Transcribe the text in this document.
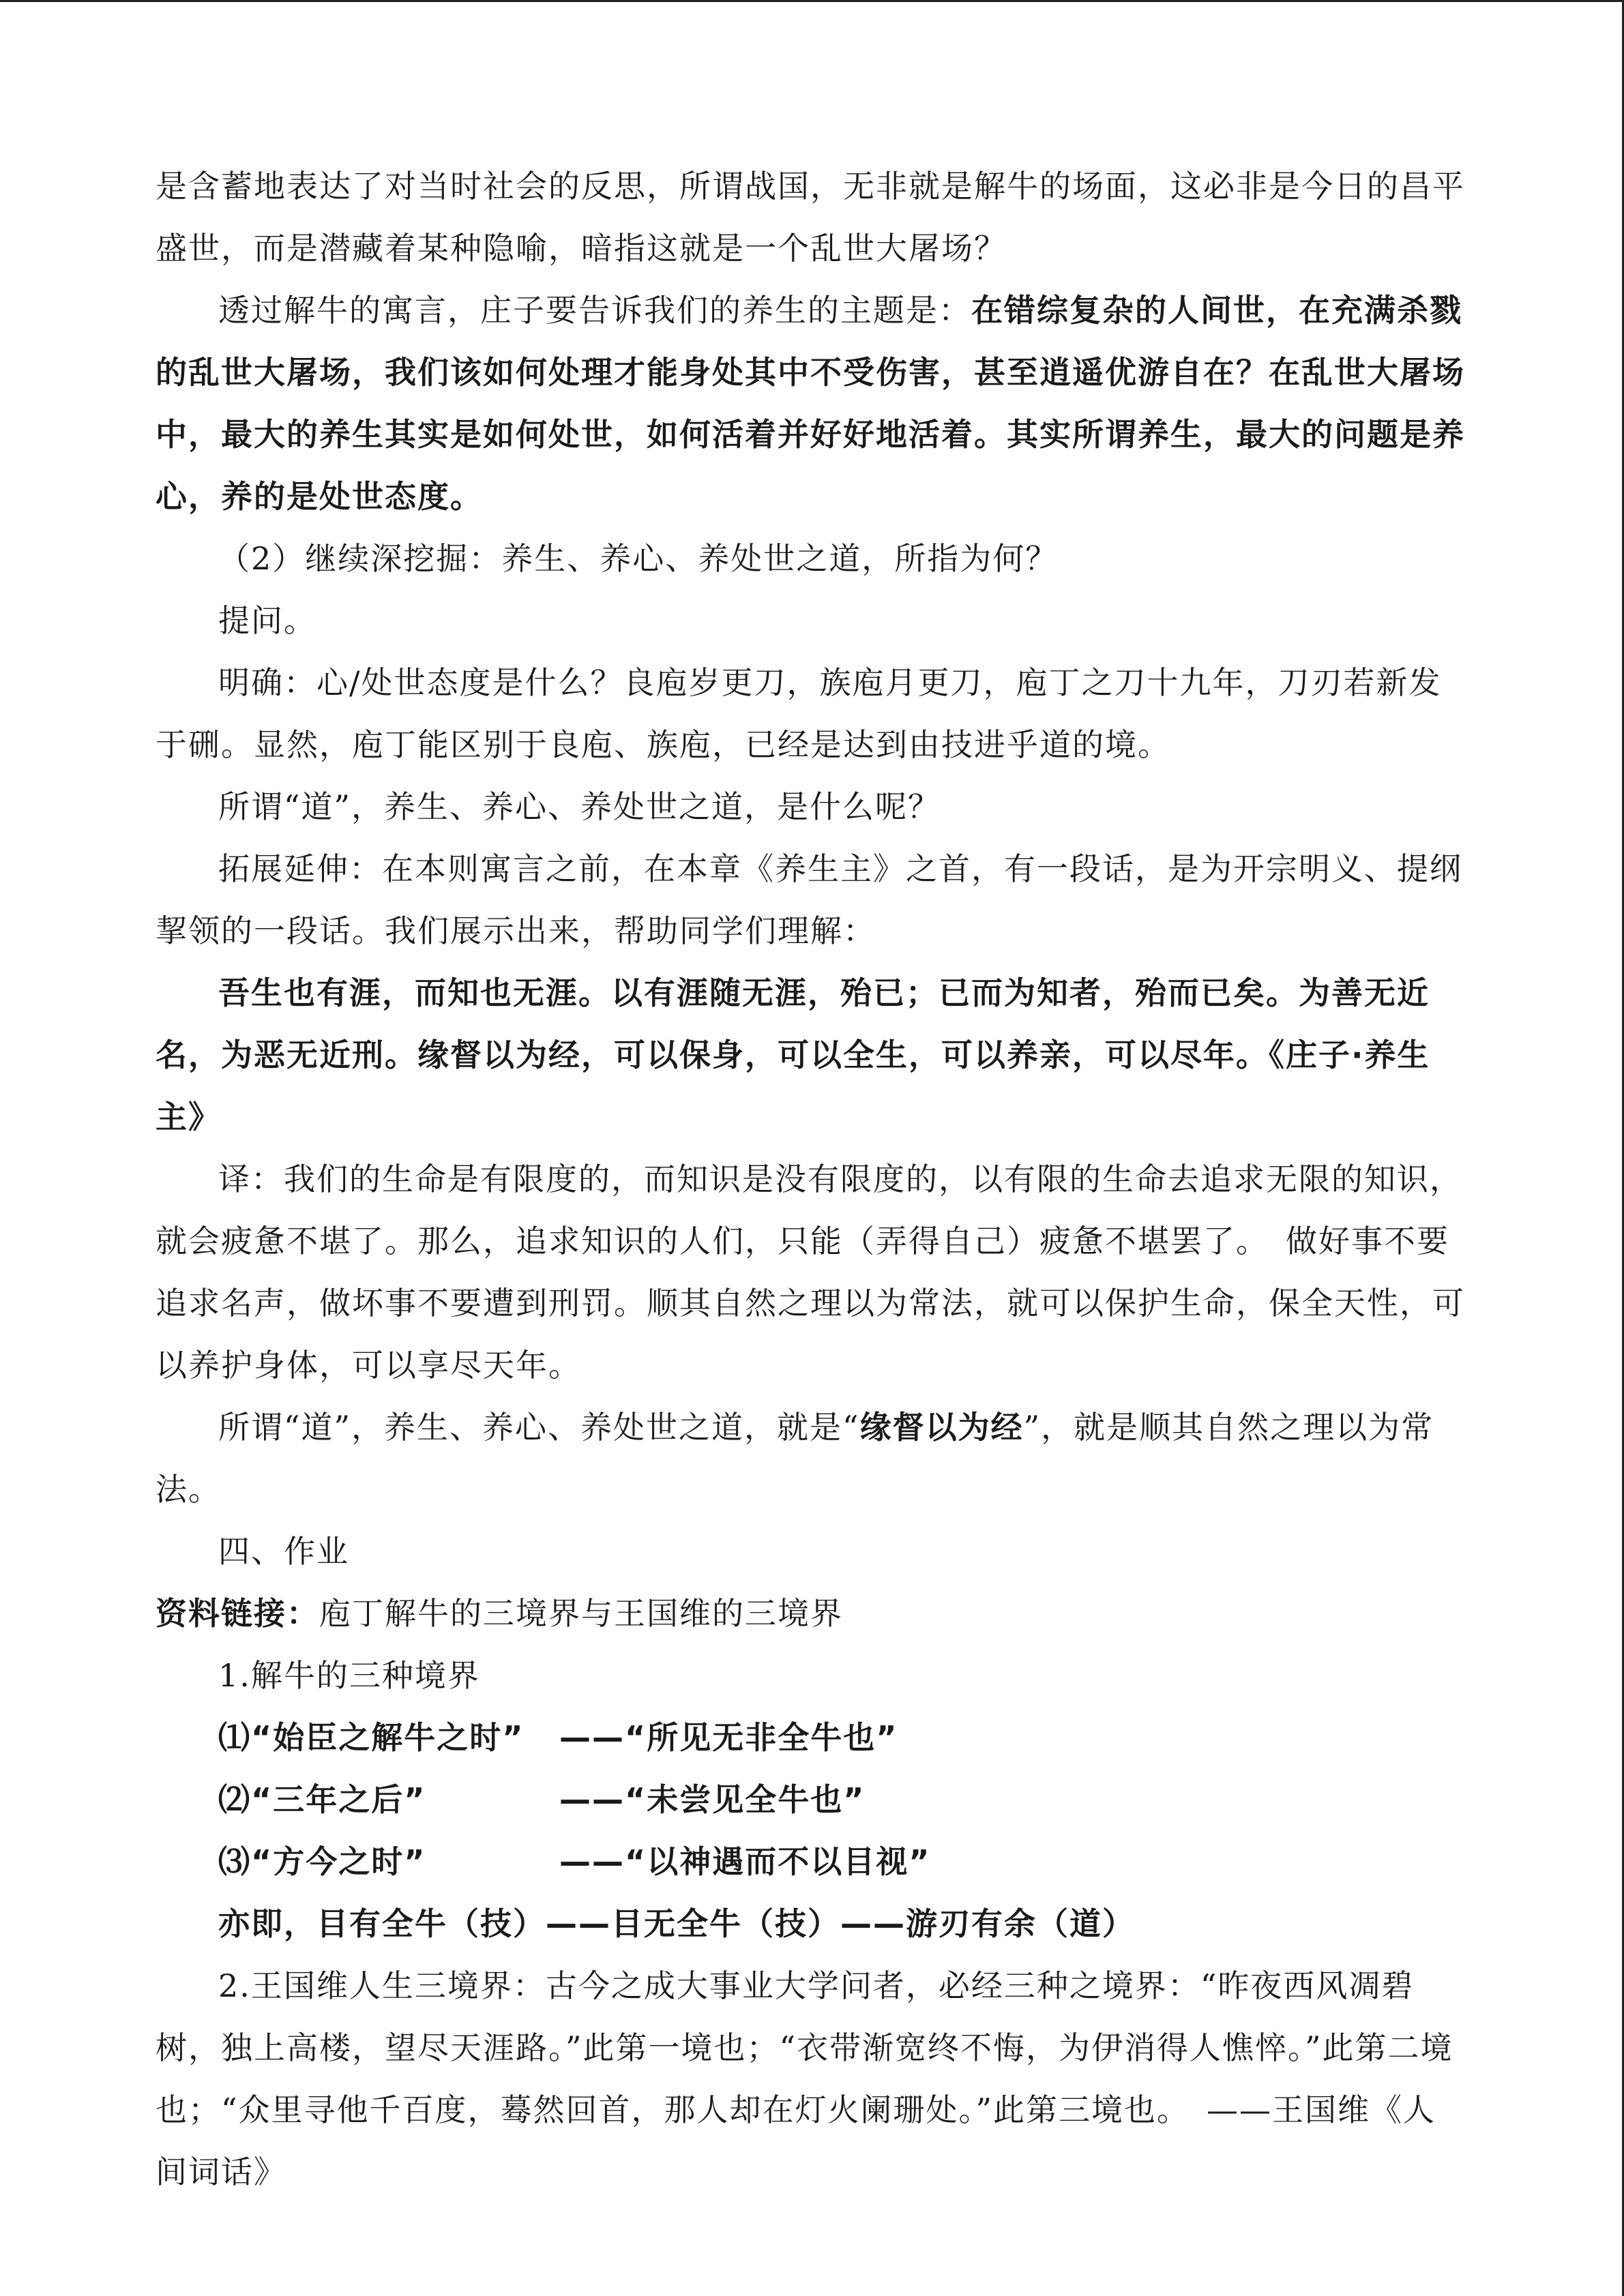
是含蓄地表达了对当时社会的反思，所谓战国，无非就是解牛的场面，这必非是今日的昌平盛世，而是潜藏着某种隐喻，暗指这就是一个乱世大屠场？

透过解牛的寓言，庄子要告诉我们的养生的主题是：在错综复杂的人间世，在充满杀戮的乱世大屠场，我们该如何处理才能身处其中不受伤害，甚至逍遥优游自在？在乱世大屠场中，最大的养生其实是如何处世，如何活着并好好地活着。其实所谓养生，最大的问题是养心，养的是处世态度。

（2）继续深挖掘：养生、养心、养处世之道，所指为何？

提问。

明确：心/处世态度是什么？良庖岁更刀，族庖月更刀，庖丁之刀十九年，刀刃若新发于硎。显然，庖丁能区别于良庖、族庖，已经是达到由技进乎道的境。

所谓“道”，养生、养心、养处世之道，是什么呢？

拓展延伸：在本则寓言之前，在本章《养生主》之首，有一段话，是为开宗明义、提纲挈领的一段话。我们展示出来，帮助同学们理解：

吾生也有涯，而知也无涯。以有涯随无涯，殆已；已而为知者，殆而已矣。为善无近名，为恶无近刑。缘督以为经，可以保身，可以全生，可以养亲，可以尽年。《庄子·养生主》

译：我们的生命是有限度的，而知识是没有限度的，以有限的生命去追求无限的知识，就会疲惫不堪了。那么，追求知识的人们，只能（弄得自己）疲惫不堪罢了。　做好事不要追求名声，做坏事不要遭到刑罚。顺其自然之理以为常法，就可以保护生命，保全天性，可以养护身体，可以享尽天年。

所谓“道”，养生、养心、养处世之道，就是“缘督以为经”，就是顺其自然之理以为常法。

四、作业

资料链接：庖丁解牛的三境界与王国维的三境界

1.解牛的三种境界

⑴“始臣之解牛之时” ——“所见无非全牛也”

⑵“三年之后”	——“未尝见全牛也”

⑶“方今之时”	——“以神遇而不以目视”

亦即，目有全牛（技）——目无全牛（技）——游刃有余（道）

2.王国维人生三境界：古今之成大事业大学问者，必经三种之境界：“昨夜西风凋碧树，独上高楼，望尽天涯路。”此第一境也；“衣带渐宽终不悔，为伊消得人憔悴。”此第二境也；“众里寻他千百度，蓦然回首，那人却在灯火阑珊处。”此第三境也。　——王国维《人间词话》
